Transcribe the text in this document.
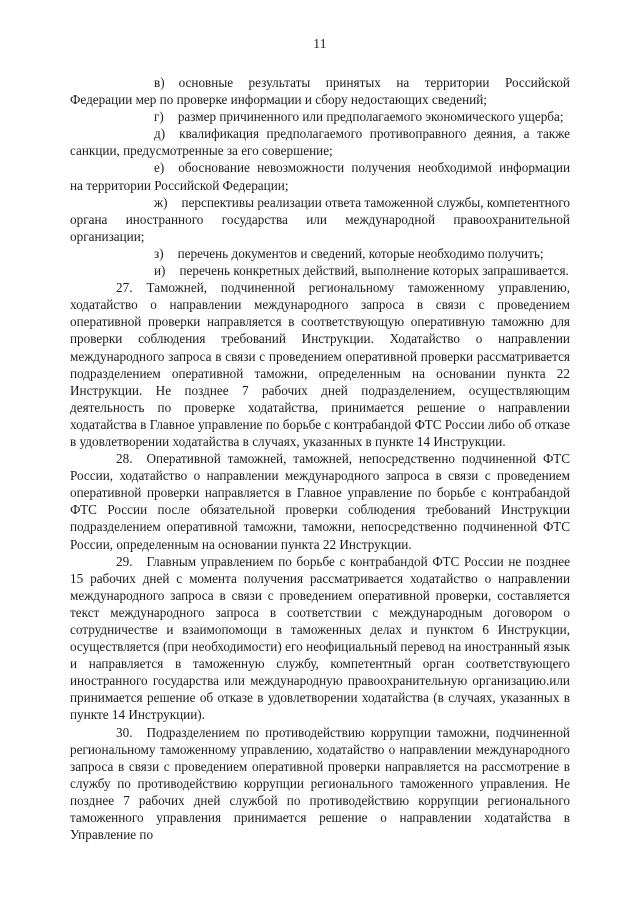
11

в) основные результаты принятых на территории Российской Федерации мер по проверке информации и сбору недостающих сведений;

г) размер причиненного или предполагаемого экономического ущерба;

д) квалификация предполагаемого противоправного деяния, а также санкции, предусмотренные за его совершение;

е) обоснование невозможности получения необходимой информации на территории Российской Федерации;

ж) перспективы реализации ответа таможенной службы, компетентного органа иностранного государства или международной правоохранительной организации;

з) перечень документов и сведений, которые необходимо получить;

и) перечень конкретных действий, выполнение которых запрашивается.

27. Таможней, подчиненной региональному таможенному управлению, ходатайство о направлении международного запроса в связи с проведением оперативной проверки направляется в соответствующую оперативную таможню для проверки соблюдения требований Инструкции. Ходатайство о направлении международного запроса в связи с проведением оперативной проверки рассматривается подразделением оперативной таможни, определенным на основании пункта 22 Инструкции. Не позднее 7 рабочих дней подразделением, осуществляющим деятельность по проверке ходатайства, принимается решение о направлении ходатайства в Главное управление по борьбе с контрабандой ФТС России либо об отказе в удовлетворении ходатайства в случаях, указанных в пункте 14 Инструкции.

28. Оперативной таможней, таможней, непосредственно подчиненной ФТС России, ходатайство о направлении международного запроса в связи с проведением оперативной проверки направляется в Главное управление по борьбе с контрабандой ФТС России после обязательной проверки соблюдения требований Инструкции подразделением оперативной таможни, таможни, непосредственно подчиненной ФТС России, определенным на основании пункта 22 Инструкции.

29. Главным управлением по борьбе с контрабандой ФТС России не позднее 15 рабочих дней с момента получения рассматривается ходатайство о направлении международного запроса в связи с проведением оперативной проверки, составляется текст международного запроса в соответствии с международным договором о сотрудничестве и взаимопомощи в таможенных делах и пунктом 6 Инструкции, осуществляется (при необходимости) его неофициальный перевод на иностранный язык и направляется в таможенную службу, компетентный орган соответствующего иностранного государства или международную правоохранительную организацию.или принимается решение об отказе в удовлетворении ходатайства (в случаях, указанных в пункте 14 Инструкции).

30. Подразделением по противодействию коррупции таможни, подчиненной региональному таможенному управлению, ходатайство о направлении международного запроса в связи с проведением оперативной проверки направляется на рассмотрение в службу по противодействию коррупции регионального таможенного управления. Не позднее 7 рабочих дней службой по противодействию коррупции регионального таможенного управления принимается решение о направлении ходатайства в Управление по
